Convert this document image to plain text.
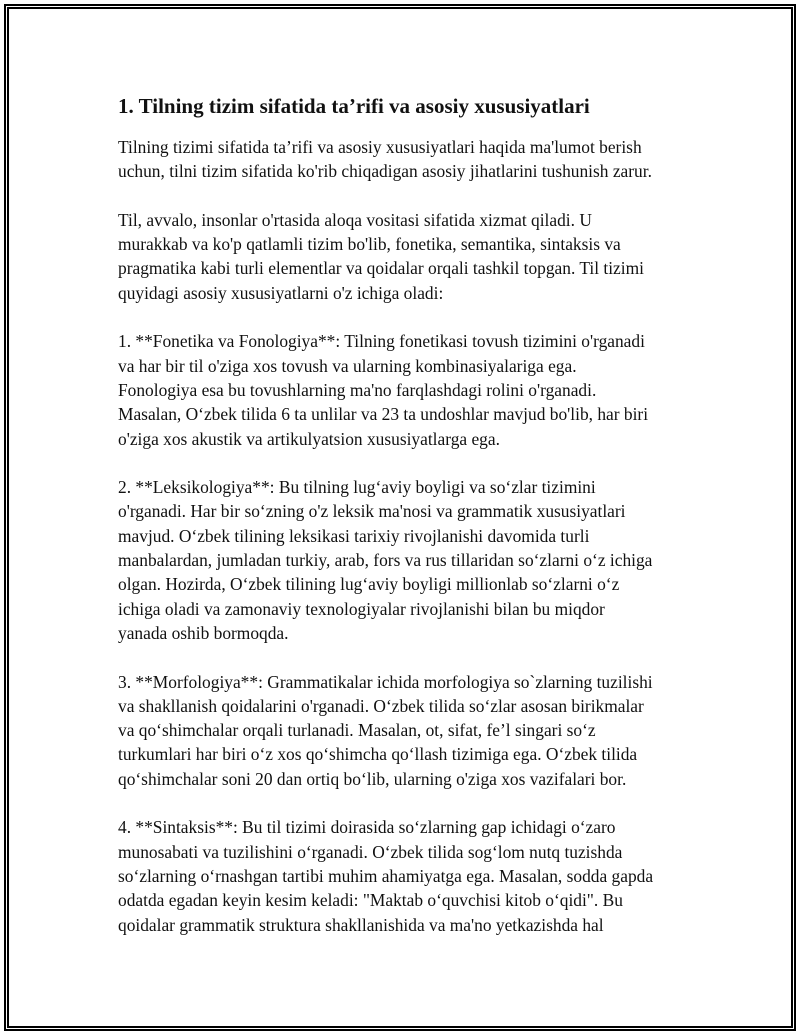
1. Tilning tizim sifatida ta’rifi va asosiy xususiyatlari
Tilning tizimi sifatida ta’rifi va asosiy xususiyatlari haqida ma'lumot berish
uchun, tilni tizim sifatida ko'rib chiqadigan asosiy jihatlarini tushunish zarur.
Til, avvalo, insonlar o'rtasida aloqa vositasi sifatida xizmat qiladi. U
murakkab va ko'p qatlamli tizim bo'lib, fonetika, semantika, sintaksis va
pragmatika kabi turli elementlar va qoidalar orqali tashkil topgan. Til tizimi
quyidagi asosiy xususiyatlarni o'z ichiga oladi:
1. **Fonetika va Fonologiya**: Tilning fonetikasi tovush tizimini o'rganadi
va har bir til o'ziga xos tovush va ularning kombinasiyalariga ega.
Fonologiya esa bu tovushlarning ma'no farqlashdagi rolini o'rganadi.
Masalan, O‘zbek tilida 6 ta unlilar va 23 ta undoshlar mavjud bo'lib, har biri
o'ziga xos akustik va artikulyatsion xususiyatlarga ega.
2. **Leksikologiya**: Bu tilning lug‘aviy boyligi va so‘zlar tizimini
o'rganadi. Har bir so‘zning o'z leksik ma'nosi va grammatik xususiyatlari
mavjud. O‘zbek tilining leksikasi tarixiy rivojlanishi davomida turli
manbalardan, jumladan turkiy, arab, fors va rus tillaridan so‘zlarni o‘z ichiga
olgan. Hozirda, O‘zbek tilining lug‘aviy boyligi millionlab so‘zlarni o‘z
ichiga oladi va zamonaviy texnologiyalar rivojlanishi bilan bu miqdor
yanada oshib bormoqda.
3. **Morfologiya**: Grammatikalar ichida morfologiya so`zlarning tuzilishi
va shakllanish qoidalarini o'rganadi. O‘zbek tilida so‘zlar asosan birikmalar
va qo‘shimchalar orqali turlanadi. Masalan, ot, sifat, fe’l singari so‘z
turkumlari har biri o‘z xos qo‘shimcha qo‘llash tizimiga ega. O‘zbek tilida
qo‘shimchalar soni 20 dan ortiq bo‘lib, ularning o'ziga xos vazifalari bor.
4. **Sintaksis**: Bu til tizimi doirasida so‘zlarning gap ichidagi o‘zaro
munosabati va tuzilishini o‘rganadi. O‘zbek tilida sog‘lom nutq tuzishda
so‘zlarning o‘rnashgan tartibi muhim ahamiyatga ega. Masalan, sodda gapda
odatda egadan keyin kesim keladi: "Maktab o‘quvchisi kitob o‘qidi". Bu
qoidalar grammatik struktura shakllanishida va ma'no yetkazishda hal
